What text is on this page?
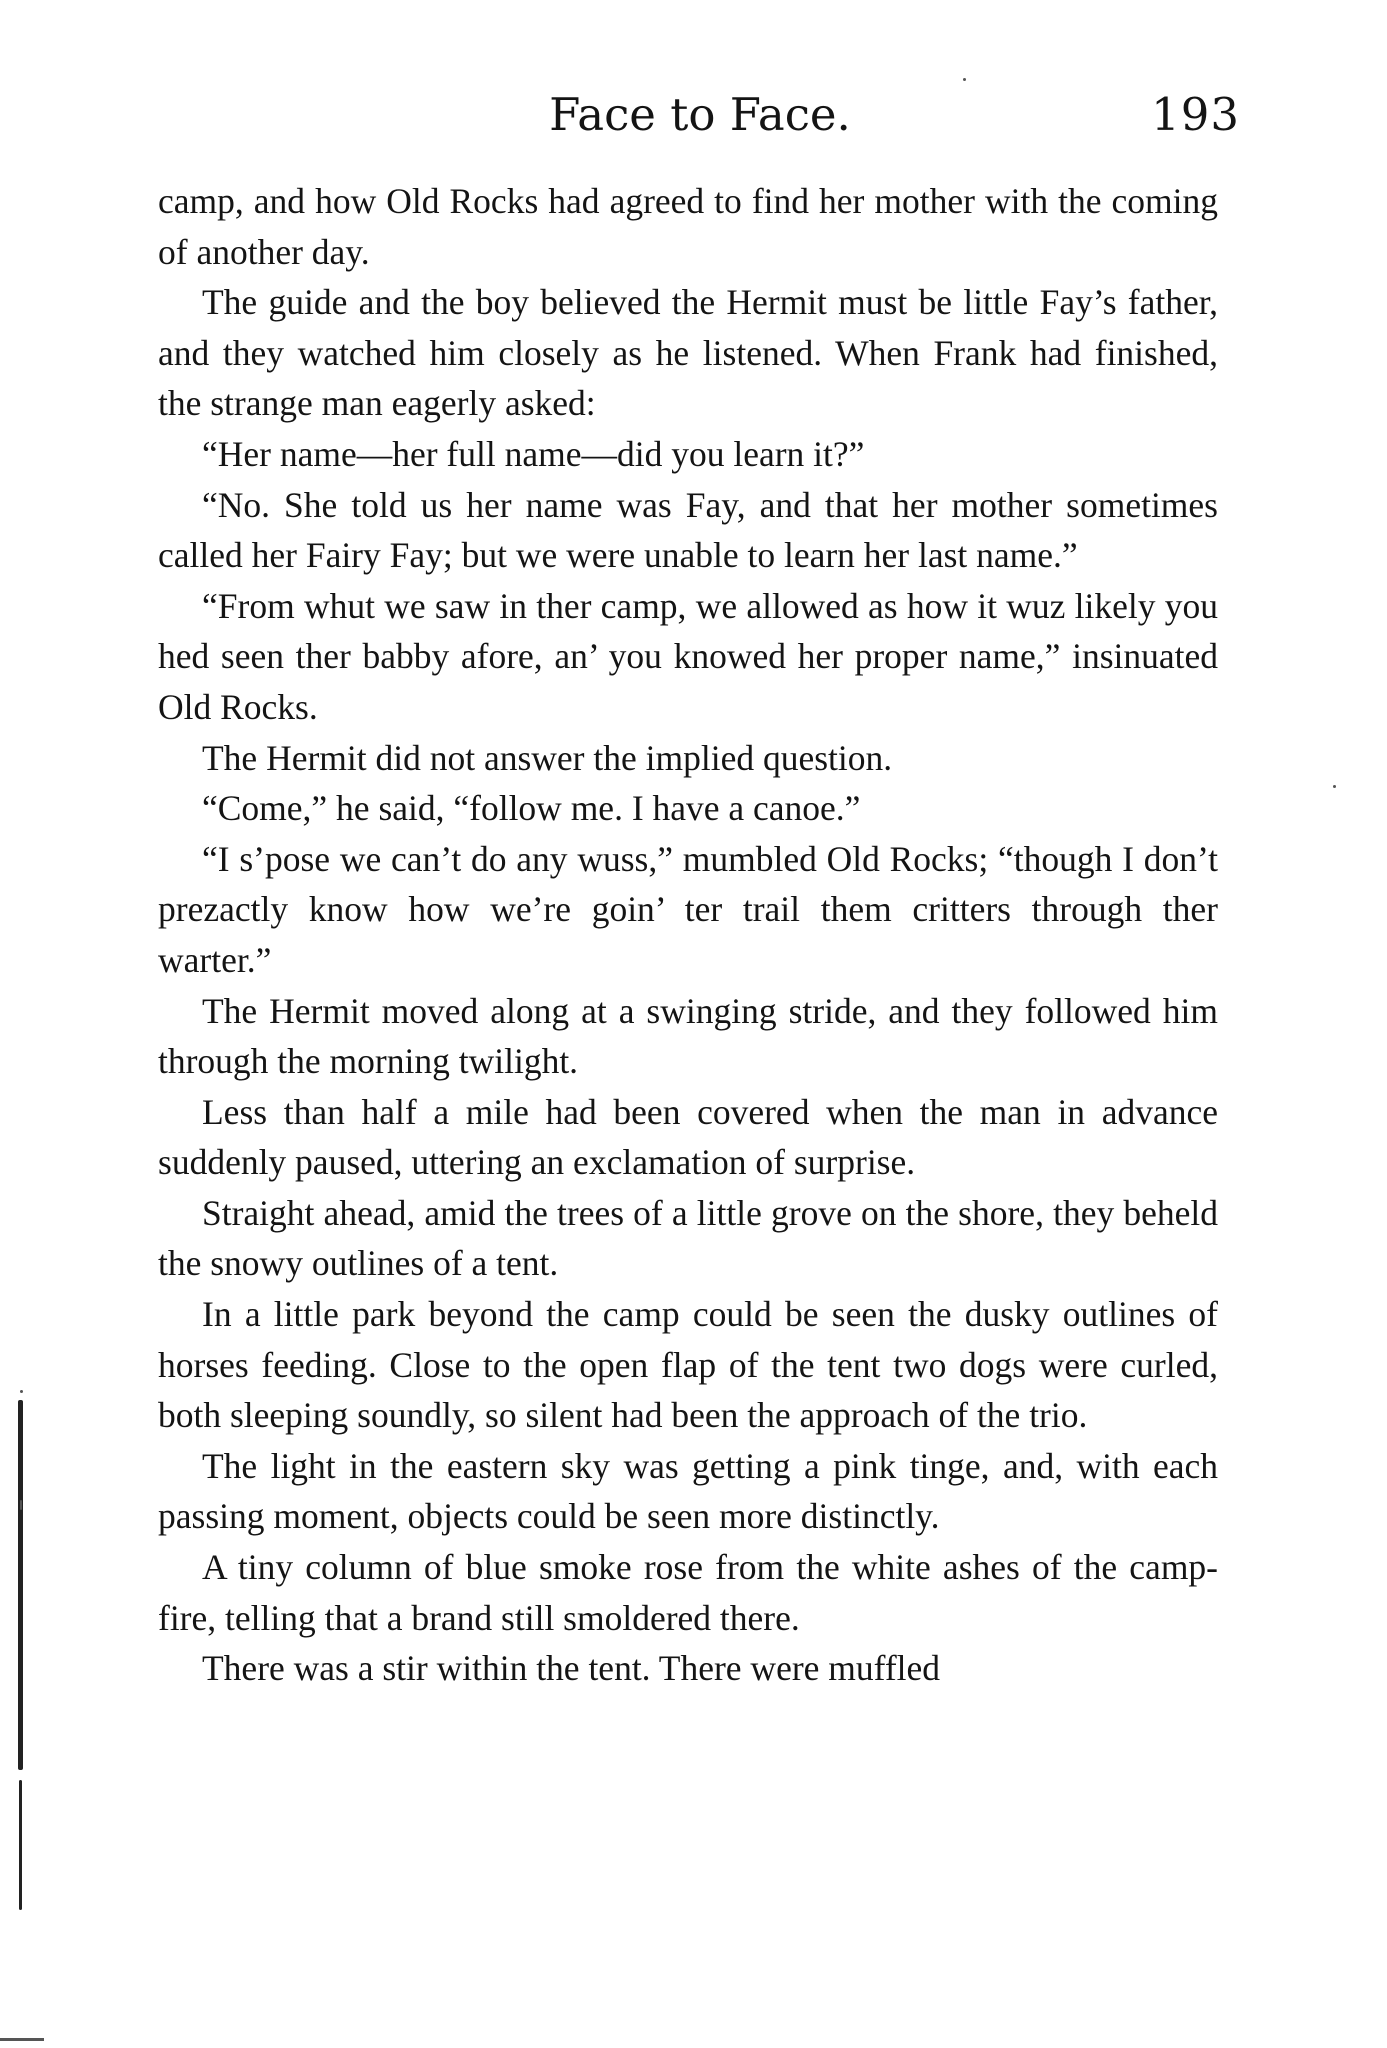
Face to Face.	193

camp, and how Old Rocks had agreed to find her mother with the coming of another day.

The guide and the boy believed the Hermit must be little Fay’s father, and they watched him closely as he listened. When Frank had finished, the strange man eagerly asked:

“Her name—her full name—did you learn it?”

“No. She told us her name was Fay, and that her mother sometimes called her Fairy Fay; but we were unable to learn her last name.”

“From whut we saw in ther camp, we allowed as how it wuz likely you hed seen ther babby afore, an’ you knowed her proper name,” insinuated Old Rocks.

The Hermit did not answer the implied question.

“Come,” he said, “follow me. I have a canoe.”

“I s’pose we can’t do any wuss,” mumbled Old Rocks; “though I don’t prezactly know how we’re goin’ ter trail them critters through ther warter.”

The Hermit moved along at a swinging stride, and they followed him through the morning twilight.

Less than half a mile had been covered when the man in advance suddenly paused, uttering an exclamation of surprise.

Straight ahead, amid the trees of a little grove on the shore, they beheld the snowy outlines of a tent.

In a little park beyond the camp could be seen the dusky outlines of horses feeding. Close to the open flap of the tent two dogs were curled, both sleeping soundly, so silent had been the approach of the trio.

The light in the eastern sky was getting a pink tinge, and, with each passing moment, objects could be seen more distinctly.

A tiny column of blue smoke rose from the white ashes of the camp-fire, telling that a brand still smoldered there.

There was a stir within the tent. There were muffled
